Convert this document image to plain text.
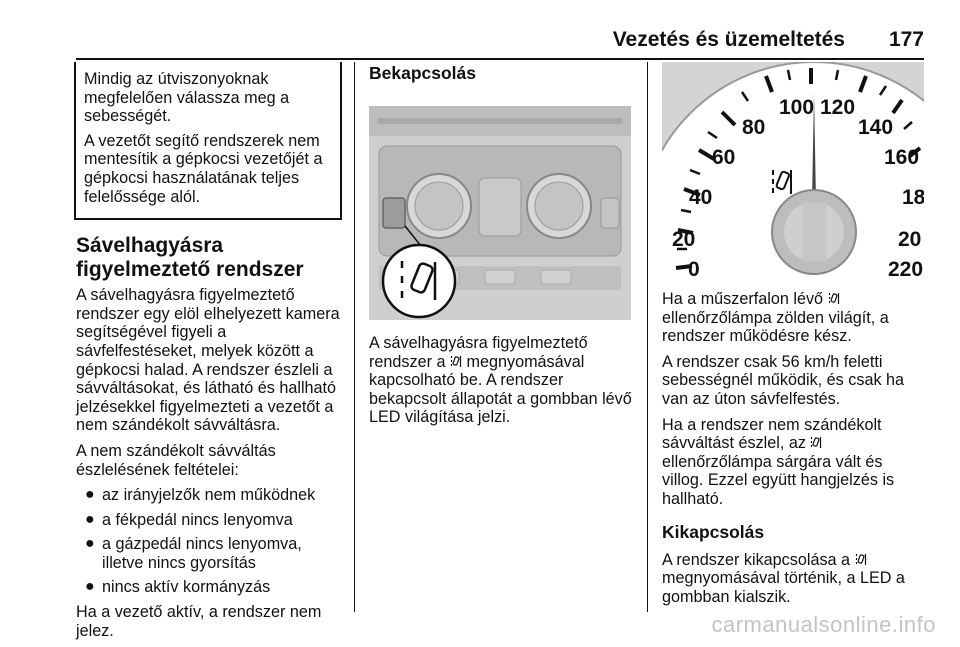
Vezetés és üzemeltetés 177

Mindig az útviszonyoknak megfelelően válassza meg a sebességét.

A vezetőt segítő rendszerek nem mentesítik a gépkocsi vezetőjét a gépkocsi használatának teljes felelőssége alól.

Sávelhagyásra figyelmeztető rendszer

A sávelhagyásra figyelmeztető rendszer egy elöl elhelyezett kamera segítségével figyeli a sávfelfestéseket, melyek között a gépkocsi halad. A rendszer észleli a sávváltásokat, és látható és hallható jelzésekkel figyelmezteti a vezetőt a nem szándékolt sávváltásra.

A nem szándékolt sávváltás észlelésének feltételei:

● az irányjelzők nem működnek
● a fékpedál nincs lenyomva
● a gázpedál nincs lenyomva, illetve nincs gyorsítás
● nincs aktív kormányzás

Ha a vezető aktív, a rendszer nem jelez.

Bekapcsolás

A sávelhagyásra figyelmeztető rendszer a megnyomásával kapcsolható be. A rendszer bekapcsolt állapotát a gombban lévő LED világítása jelzi.

0
20
40
60
80
100 120
140
160
18
20
220

Ha a műszerfalon lévő  ellenőrzőlámpa zölden világít, a rendszer működésre kész.

A rendszer csak 56 km/h feletti sebességnél működik, és csak ha van az úton sávfelfestés.

Ha a rendszer nem szándékolt sávváltást észlel, az  ellenőrzőlámpa sárgára vált és villog. Ezzel együtt hangjelzés is hallható.

Kikapcsolás

A rendszer kikapcsolása a  megnyomásával történik, a LED a gombban kialszik.

carmanualsonline.info
